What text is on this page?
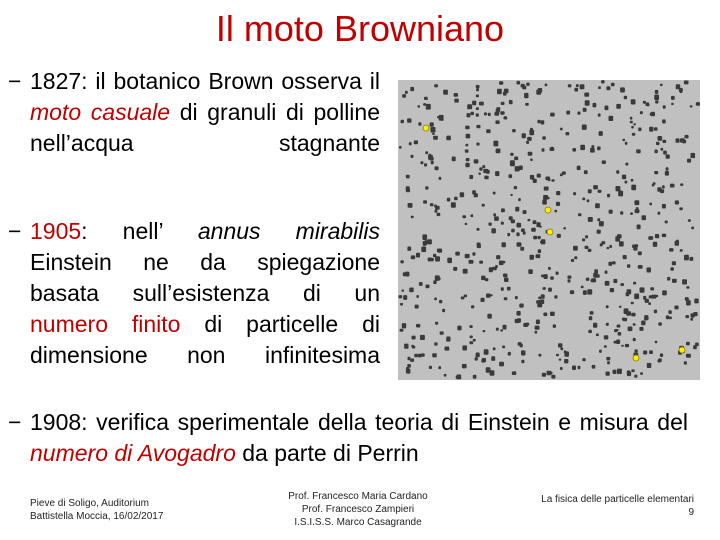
Il moto Browniano
− 1827: il botanico Brown osserva il moto casuale di granuli di polline nell’acqua stagnante
− 1905: nell’ annus mirabilis Einstein ne da spiegazione basata sull’esistenza di un numero finito di particelle di dimensione non infinitesima
− 1908: verifica sperimentale della teoria di Einstein e misura del numero di Avogadro da parte di Perrin
Pieve di Soligo, Auditorium
Battistella Moccia, 16/02/2017
Prof. Francesco Maria Cardano
Prof. Francesco Zampieri
I.S.I.S.S. Marco Casagrande
La fisica delle particelle elementari
9
